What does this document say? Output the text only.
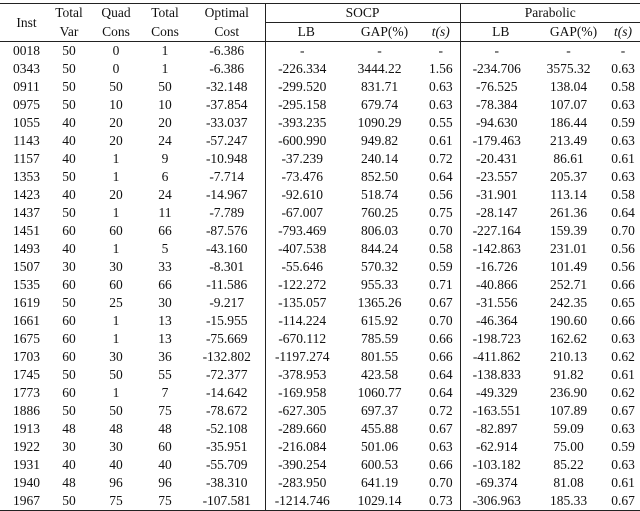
Inst	Total	Quad	Total	Optimal	SOCP			Parabolic		
	Var	Cons	Cons	Cost	LB	GAP(%)	t(s)	LB	GAP(%)	t(s)
0018	50	0	1	-6.386	-	-	-	-	-	-
0343	50	0	1	-6.386	-226.334	3444.22	1.56	-234.706	3575.32	0.63
0911	50	50	50	-32.148	-299.520	831.71	0.63	-76.525	138.04	0.58
0975	50	10	10	-37.854	-295.158	679.74	0.63	-78.384	107.07	0.63
1055	40	20	20	-33.037	-393.235	1090.29	0.55	-94.630	186.44	0.59
1143	40	20	24	-57.247	-600.990	949.82	0.61	-179.463	213.49	0.63
1157	40	1	9	-10.948	-37.239	240.14	0.72	-20.431	86.61	0.61
1353	50	1	6	-7.714	-73.476	852.50	0.64	-23.557	205.37	0.63
1423	40	20	24	-14.967	-92.610	518.74	0.56	-31.901	113.14	0.58
1437	50	1	11	-7.789	-67.007	760.25	0.75	-28.147	261.36	0.64
1451	60	60	66	-87.576	-793.469	806.03	0.70	-227.164	159.39	0.70
1493	40	1	5	-43.160	-407.538	844.24	0.58	-142.863	231.01	0.56
1507	30	30	33	-8.301	-55.646	570.32	0.59	-16.726	101.49	0.56
1535	60	60	66	-11.586	-122.272	955.33	0.71	-40.866	252.71	0.66
1619	50	25	30	-9.217	-135.057	1365.26	0.67	-31.556	242.35	0.65
1661	60	1	13	-15.955	-114.224	615.92	0.70	-46.364	190.60	0.66
1675	60	1	13	-75.669	-670.112	785.59	0.66	-198.723	162.62	0.63
1703	60	30	36	-132.802	-1197.274	801.55	0.66	-411.862	210.13	0.62
1745	50	50	55	-72.377	-378.953	423.58	0.64	-138.833	91.82	0.61
1773	60	1	7	-14.642	-169.958	1060.77	0.64	-49.329	236.90	0.62
1886	50	50	75	-78.672	-627.305	697.37	0.72	-163.551	107.89	0.67
1913	48	48	48	-52.108	-289.660	455.88	0.67	-82.897	59.09	0.63
1922	30	30	60	-35.951	-216.084	501.06	0.63	-62.914	75.00	0.59
1931	40	40	40	-55.709	-390.254	600.53	0.66	-103.182	85.22	0.63
1940	48	96	96	-38.310	-283.950	641.19	0.70	-69.374	81.08	0.61
1967	50	75	75	-107.581	-1214.746	1029.14	0.73	-306.963	185.33	0.67
